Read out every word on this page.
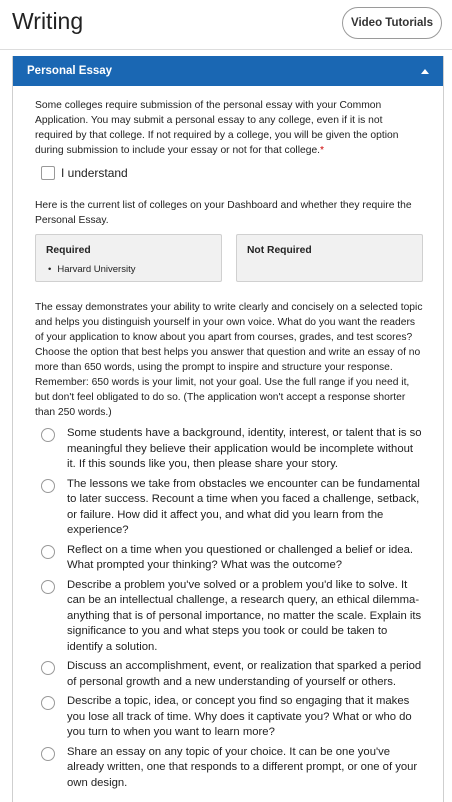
Writing	Video Tutorials
Personal Essay

Some colleges require submission of the personal essay with your Common Application. You may submit a personal essay to any college, even if it is not required by that college. If not required by a college, you will be given the option during submission to include your essay or not for that college.*

I understand

Here is the current list of colleges on your Dashboard and whether they require the Personal Essay.

Required
• Harvard University
Not Required

The essay demonstrates your ability to write clearly and concisely on a selected topic and helps you distinguish yourself in your own voice. What do you want the readers of your application to know about you apart from courses, grades, and test scores? Choose the option that best helps you answer that question and write an essay of no more than 650 words, using the prompt to inspire and structure your response. Remember: 650 words is your limit, not your goal. Use the full range if you need it, but don't feel obligated to do so. (The application won't accept a response shorter than 250 words.)

Some students have a background, identity, interest, or talent that is so meaningful they believe their application would be incomplete without it. If this sounds like you, then please share your story.
The lessons we take from obstacles we encounter can be fundamental to later success. Recount a time when you faced a challenge, setback, or failure. How did it affect you, and what did you learn from the experience?
Reflect on a time when you questioned or challenged a belief or idea. What prompted your thinking? What was the outcome?
Describe a problem you've solved or a problem you'd like to solve. It can be an intellectual challenge, a research query, an ethical dilemma-anything that is of personal importance, no matter the scale. Explain its significance to you and what steps you took or could be taken to identify a solution.
Discuss an accomplishment, event, or realization that sparked a period of personal growth and a new understanding of yourself or others.
Describe a topic, idea, or concept you find so engaging that it makes you lose all track of time. Why does it captivate you? What or who do you turn to when you want to learn more?
Share an essay on any topic of your choice. It can be one you've already written, one that responds to a different prompt, or one of your own design.
